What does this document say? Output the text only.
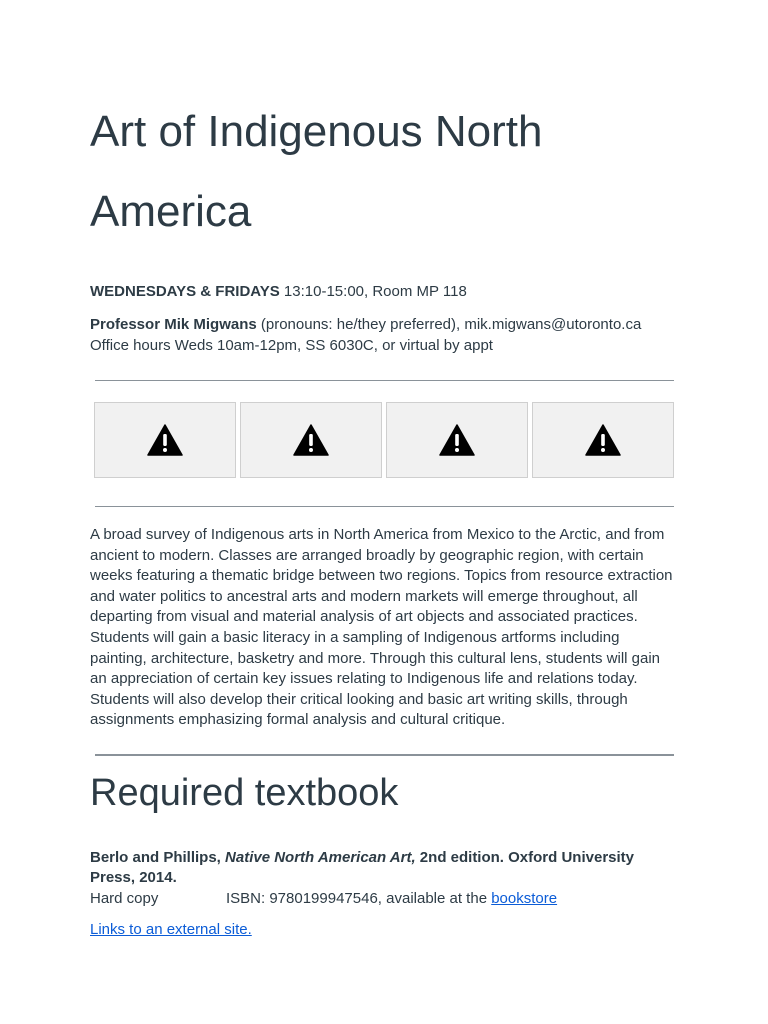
Art of Indigenous North America
WEDNESDAYS & FRIDAYS 13:10-15:00, Room MP 118
Professor Mik Migwans (pronouns: he/they preferred), mik.migwans@utoronto.ca
Office hours Weds 10am-12pm, SS 6030C, or virtual by appt

A broad survey of Indigenous arts in North America from Mexico to the Arctic, and from ancient to modern. Classes are arranged broadly by geographic region, with certain weeks featuring a thematic bridge between two regions. Topics from resource extraction and water politics to ancestral arts and modern markets will emerge throughout, all departing from visual and material analysis of art objects and associated practices. Students will gain a basic literacy in a sampling of Indigenous artforms including painting, architecture, basketry and more. Through this cultural lens, students will gain an appreciation of certain key issues relating to Indigenous life and relations today. Students will also develop their critical looking and basic art writing skills, through assignments emphasizing formal analysis and cultural critique.

Required textbook
Berlo and Phillips, Native North American Art, 2nd edition. Oxford University Press, 2014.
Hard copy	ISBN: 9780199947546, available at the bookstore
Links to an external site.
